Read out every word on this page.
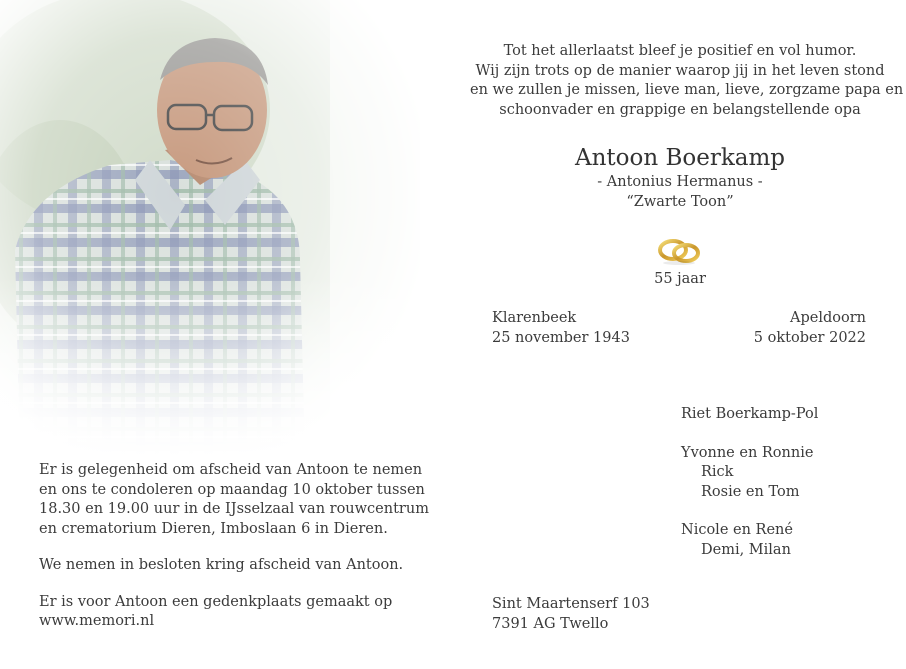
Tot het allerlaatst bleef je positief en vol humor.
Wij zijn trots op de manier waarop jij in het leven stond
en we zullen je missen, lieve man, lieve, zorgzame papa en
schoonvader en grappige en belangstellende opa
Antoon Boerkamp
- Antonius Hermanus -
“Zwarte Toon”
55 jaar
Klarenbeek
25 november 1943
Apeldoorn
5 oktober 2022
Riet Boerkamp-Pol
Yvonne en Ronnie
Rick
Rosie en Tom
Nicole en René
Demi, Milan
Er is gelegenheid om afscheid van Antoon te nemen
en ons te condoleren op maandag 10 oktober tussen
18.30 en 19.00 uur in de IJsselzaal van rouwcentrum
en crematorium Dieren, Imboslaan 6 in Dieren.
We nemen in besloten kring afscheid van Antoon.
Er is voor Antoon een gedenkplaats gemaakt op
www.memori.nl
Sint Maartenserf 103
7391 AG Twello
